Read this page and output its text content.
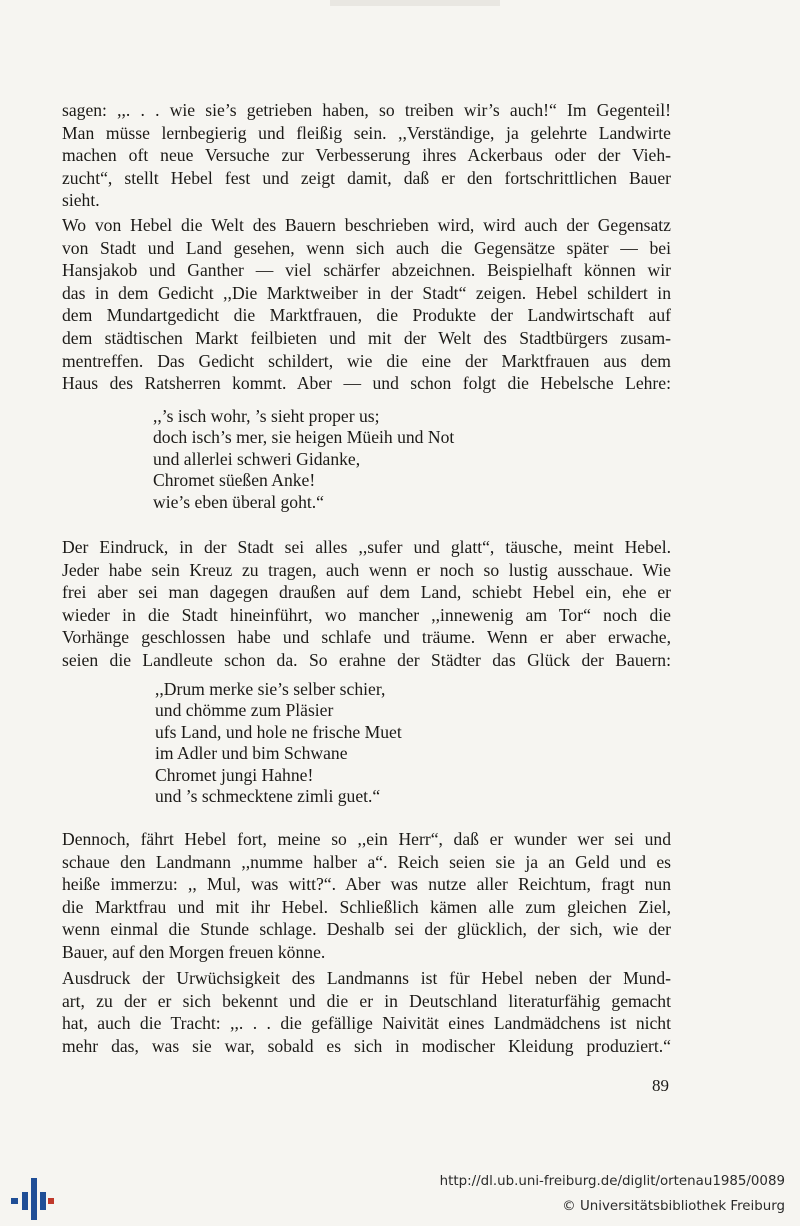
sagen: ,,. . . wie sie’s getrieben haben, so treiben wir’s auch!“ Im Gegenteil!
Man müsse lernbegierig und fleißig sein. ,,Verständige, ja gelehrte Landwirte
machen oft neue Versuche zur Verbesserung ihres Ackerbaus oder der Vieh-
zucht“, stellt Hebel fest und zeigt damit, daß er den fortschrittlichen Bauer
sieht.

Wo von Hebel die Welt des Bauern beschrieben wird, wird auch der Gegensatz
von Stadt und Land gesehen, wenn sich auch die Gegensätze später — bei
Hansjakob und Ganther — viel schärfer abzeichnen. Beispielhaft können wir
das in dem Gedicht ,,Die Marktweiber in der Stadt“ zeigen. Hebel schildert in
dem Mundartgedicht die Marktfrauen, die Produkte der Landwirtschaft auf
dem städtischen Markt feilbieten und mit der Welt des Stadtbürgers zusam-
mentreffen. Das Gedicht schildert, wie die eine der Marktfrauen aus dem
Haus des Ratsherren kommt. Aber — und schon folgt die Hebelsche Lehre:

,,’s isch wohr, ’s sieht proper us;
doch isch’s mer, sie heigen Müeih und Not
und allerlei schweri Gidanke,
Chromet süeßen Anke!
wie’s eben überal goht.“

Der Eindruck, in der Stadt sei alles ,,sufer und glatt“, täusche, meint Hebel.
Jeder habe sein Kreuz zu tragen, auch wenn er noch so lustig ausschaue. Wie
frei aber sei man dagegen draußen auf dem Land, schiebt Hebel ein, ehe er
wieder in die Stadt hineinführt, wo mancher ,,innewenig am Tor“ noch die
Vorhänge geschlossen habe und schlafe und träume. Wenn er aber erwache,
seien die Landleute schon da. So erahne der Städter das Glück der Bauern:

,,Drum merke sie’s selber schier,
und chömme zum Pläsier
ufs Land, und hole ne frische Muet
im Adler und bim Schwane
Chromet jungi Hahne!
und ’s schmecktene zimli guet.“

Dennoch, fährt Hebel fort, meine so ,,ein Herr“, daß er wunder wer sei und
schaue den Landmann ,,numme halber a“. Reich seien sie ja an Geld und es
heiße immerzu: ,, Mul, was witt?“. Aber was nutze aller Reichtum, fragt nun
die Marktfrau und mit ihr Hebel. Schließlich kämen alle zum gleichen Ziel,
wenn einmal die Stunde schlage. Deshalb sei der glücklich, der sich, wie der
Bauer, auf den Morgen freuen könne.

Ausdruck der Urwüchsigkeit des Landmanns ist für Hebel neben der Mund-
art, zu der er sich bekennt und die er in Deutschland literaturfähig gemacht
hat, auch die Tracht: ,,. . . die gefällige Naivität eines Landmädchens ist nicht
mehr das, was sie war, sobald es sich in modischer Kleidung produziert.“

89
http://dl.ub.uni-freiburg.de/diglit/ortenau1985/0089
© Universitätsbibliothek Freiburg
